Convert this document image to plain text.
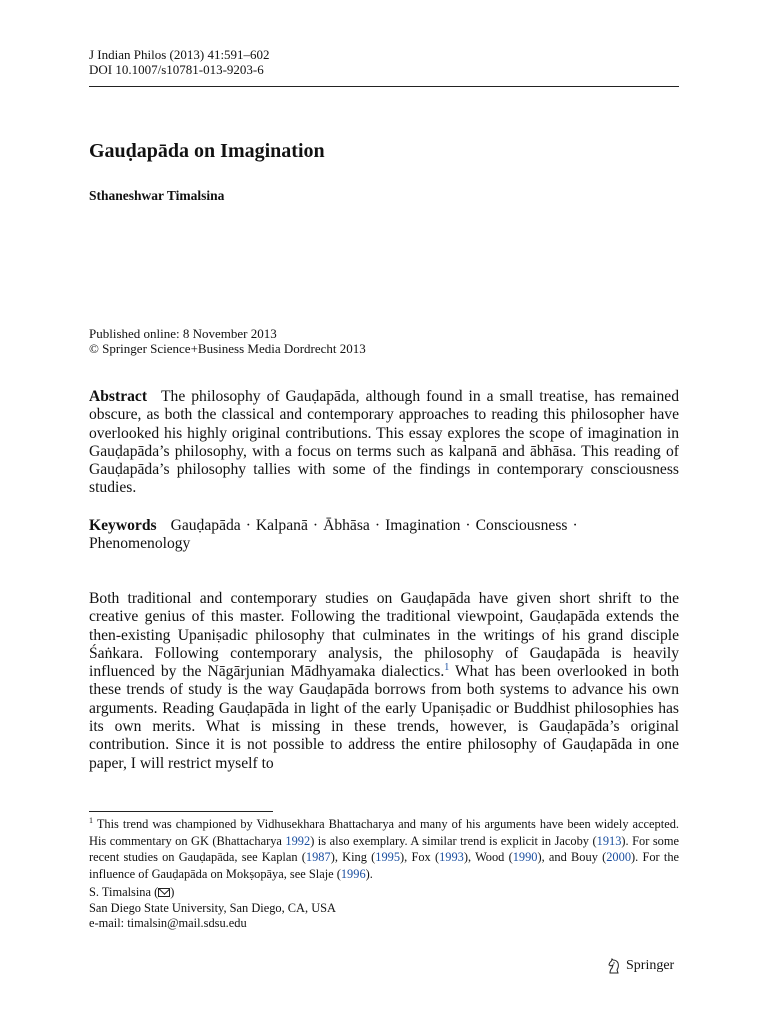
J Indian Philos (2013) 41:591–602
DOI 10.1007/s10781-013-9203-6
Gauḍapāda on Imagination
Sthaneshwar Timalsina
Published online: 8 November 2013
© Springer Science+Business Media Dordrecht 2013
Abstract The philosophy of Gauḍapāda, although found in a small treatise, has remained obscure, as both the classical and contemporary approaches to reading this philosopher have overlooked his highly original contributions. This essay explores the scope of imagination in Gauḍapāda’s philosophy, with a focus on terms such as kalpanā and ābhāsa. This reading of Gauḍapāda’s philosophy tallies with some of the findings in contemporary consciousness studies.
Keywords Gauḍapāda · Kalpanā · Ābhāsa · Imagination · Consciousness ·
Phenomenology
Both traditional and contemporary studies on Gauḍapāda have given short shrift to the creative genius of this master. Following the traditional viewpoint, Gauḍapāda extends the then-existing Upaniṣadic philosophy that culminates in the writings of his grand disciple Śaṅkara. Following contemporary analysis, the philosophy of Gauḍapāda is heavily influenced by the Nāgārjunian Mādhyamaka dialectics.$^1$ What has been overlooked in both these trends of study is the way Gauḍapāda borrows from both systems to advance his own arguments. Reading Gauḍapāda in light of the early Upaniṣadic or Buddhist philosophies has its own merits. What is missing in these trends, however, is Gauḍapāda’s original contribution. Since it is not possible to address the entire philosophy of Gauḍapāda in one paper, I will restrict myself to
$^1$ This trend was championed by Vidhusekhara Bhattacharya and many of his arguments have been widely accepted. His commentary on GK (Bhattacharya 1992) is also exemplary. A similar trend is explicit in Jacoby (1913). For some recent studies on Gauḍapāda, see Kaplan (1987), King (1995), Fox (1993), Wood (1990), and Bouy (2000). For the influence of Gauḍapāda on Mokṣopāya, see Slaje (1996).
S. Timalsina ( )
San Diego State University, San Diego, CA, USA
e-mail: timalsin@mail.sdsu.edu
Springer
